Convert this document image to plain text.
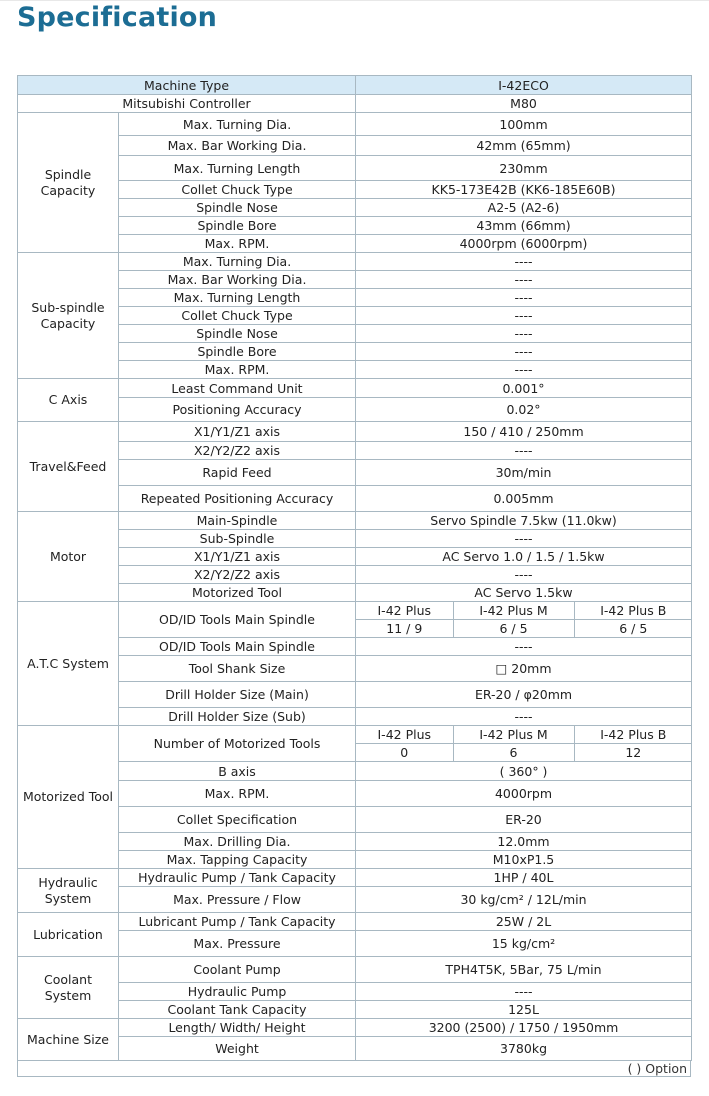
Specification
Machine Type	I-42ECO
Mitsubishi Controller	M80
Spindle Capacity	Max. Turning Dia.	100mm
Max. Bar Working Dia.	42mm (65mm)
Max. Turning Length	230mm
Collet Chuck Type	KK5-173E42B (KK6-185E60B)
Spindle Nose	A2-5 (A2-6)
Spindle Bore	43mm (66mm)
Max. RPM.	4000rpm (6000rpm)
Sub-spindle Capacity	Max. Turning Dia.	----
Max. Bar Working Dia.	----
Max. Turning Length	----
Collet Chuck Type	----
Spindle Nose	----
Spindle Bore	----
Max. RPM.	----
C Axis	Least Command Unit	0.001°
Positioning Accuracy	0.02°
Travel&Feed	X1/Y1/Z1 axis	150 / 410 / 250mm
X2/Y2/Z2 axis	----
Rapid Feed	30m/min
Repeated Positioning Accuracy	0.005mm
Motor	Main-Spindle	Servo Spindle 7.5kw (11.0kw)
Sub-Spindle	----
X1/Y1/Z1 axis	AC Servo 1.0 / 1.5 / 1.5kw
X2/Y2/Z2 axis	----
Motorized Tool	AC Servo 1.5kw
A.T.C System	OD/ID Tools Main Spindle	
I-42 Plus	I-42 Plus M	I-42 Plus B
11 / 9	6 / 5	6 / 5

OD/ID Tools Main Spindle	----
Tool Shank Size	□ 20mm
Drill Holder Size (Main)	ER-20 / φ20mm
Drill Holder Size (Sub)	----
Motorized Tool	Number of Motorized Tools	
I-42 Plus	I-42 Plus M	I-42 Plus B
0	6	12

B axis	( 360° )
Max. RPM.	4000rpm
Collet Specification	ER-20
Max. Drilling Dia.	12.0mm
Max. Tapping Capacity	M10xP1.5
Hydraulic System	Hydraulic Pump / Tank Capacity	1HP / 40L
Max. Pressure / Flow	30 kg/cm² / 12L/min
Lubrication	Lubricant Pump / Tank Capacity	25W / 2L
Max. Pressure	15 kg/cm²
Coolant System	Coolant Pump	TPH4T5K, 5Bar, 75 L/min
Hydraulic Pump	----
Coolant Tank Capacity	125L
Machine Size	Length/ Width/ Height	3200 (2500) / 1750 / 1950mm
Weight	3780kg
( ) Option
